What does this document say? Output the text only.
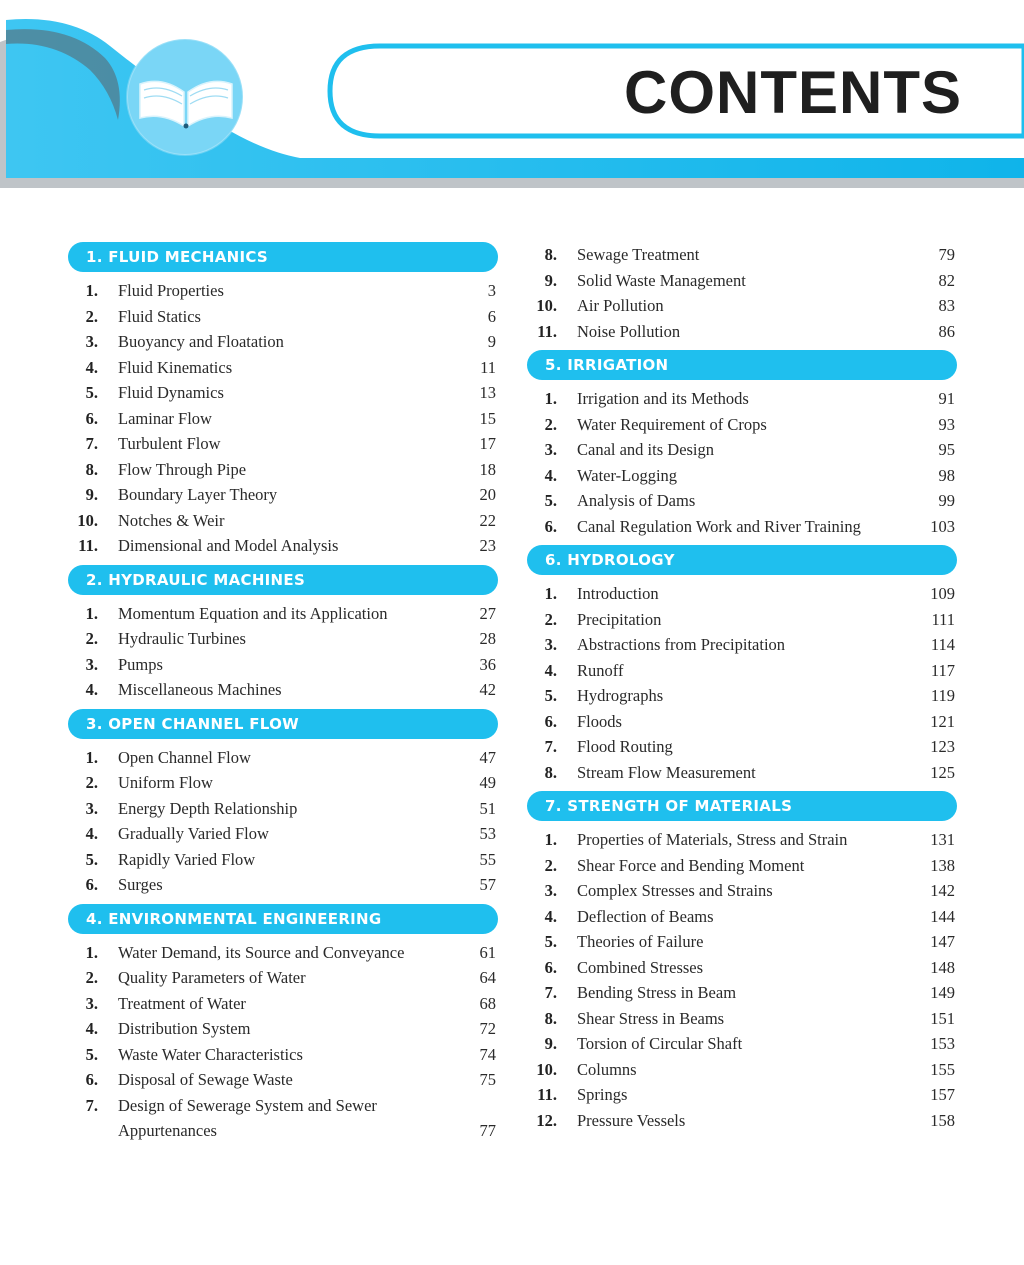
CONTENTS
1. FLUID MECHANICS
1. Fluid Properties	3
2. Fluid Statics	6
3. Buoyancy and Floatation	9
4. Fluid Kinematics	11
5. Fluid Dynamics	13
6. Laminar Flow	15
7. Turbulent Flow	17
8. Flow Through Pipe	18
9. Boundary Layer Theory	20
10. Notches & Weir	22
11. Dimensional and Model Analysis	23
2. HYDRAULIC MACHINES
1. Momentum Equation and its Application	27
2. Hydraulic Turbines	28
3. Pumps	36
4. Miscellaneous Machines	42
3. OPEN CHANNEL FLOW
1. Open Channel Flow	47
2. Uniform Flow	49
3. Energy Depth Relationship	51
4. Gradually Varied Flow	53
5. Rapidly Varied Flow	55
6. Surges	57
4. ENVIRONMENTAL ENGINEERING
1. Water Demand, its Source and Conveyance	61
2. Quality Parameters of Water	64
3. Treatment of Water	68
4. Distribution System	72
5. Waste Water Characteristics	74
6. Disposal of Sewage Waste	75
7. Design of Sewerage System and Sewer Appurtenances	77
8. Sewage Treatment	79
9. Solid Waste Management	82
10. Air Pollution	83
11. Noise Pollution	86
5. IRRIGATION
1. Irrigation and its Methods	91
2. Water Requirement of Crops	93
3. Canal and its Design	95
4. Water-Logging	98
5. Analysis of Dams	99
6. Canal Regulation Work and River Training	103
6. HYDROLOGY
1. Introduction	109
2. Precipitation	111
3. Abstractions from Precipitation	114
4. Runoff	117
5. Hydrographs	119
6. Floods	121
7. Flood Routing	123
8. Stream Flow Measurement	125
7. STRENGTH OF MATERIALS
1. Properties of Materials, Stress and Strain	131
2. Shear Force and Bending Moment	138
3. Complex Stresses and Strains	142
4. Deflection of Beams	144
5. Theories of Failure	147
6. Combined Stresses	148
7. Bending Stress in Beam	149
8. Shear Stress in Beams	151
9. Torsion of Circular Shaft	153
10. Columns	155
11. Springs	157
12. Pressure Vessels	158
